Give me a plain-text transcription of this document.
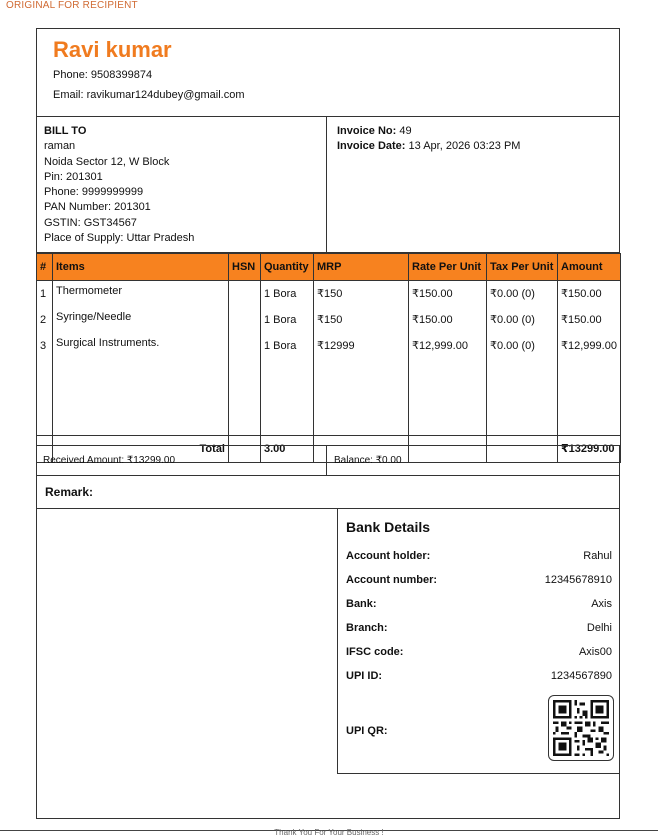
ORIGINAL FOR RECIPIENT
Ravi kumar
Phone: 9508399874
Email: ravikumar124dubey@gmail.com
BILL TO
raman
Noida Sector 12, W Block
Pin: 201301
Phone: 9999999999
PAN Number: 201301
GSTIN: GST34567
Place of Supply: Uttar Pradesh
Invoice No: 49
Invoice Date: 13 Apr, 2026 03:23 PM
#	Items	HSN	Quantity	MRP	Rate Per Unit	Tax Per Unit	Amount
1	Thermometer		1 Bora	₹150	₹150.00	₹0.00 (0)	₹150.00
2	Syringe/Needle		1 Bora	₹150	₹150.00	₹0.00 (0)	₹150.00
3	Surgical Instruments.		1 Bora	₹12999	₹12,999.00	₹0.00 (0)	₹12,999.00

	Total		3.00				₹13299.00
Received Amount: ₹13299.00	Balance: ₹0.00
Remark:
Bank Details
Account holder:	Rahul
Account number:	12345678910
Bank:	Axis
Branch:	Delhi
IFSC code:	Axis00
UPI ID:	1234567890
UPI QR:
Thank You For Your Business !
